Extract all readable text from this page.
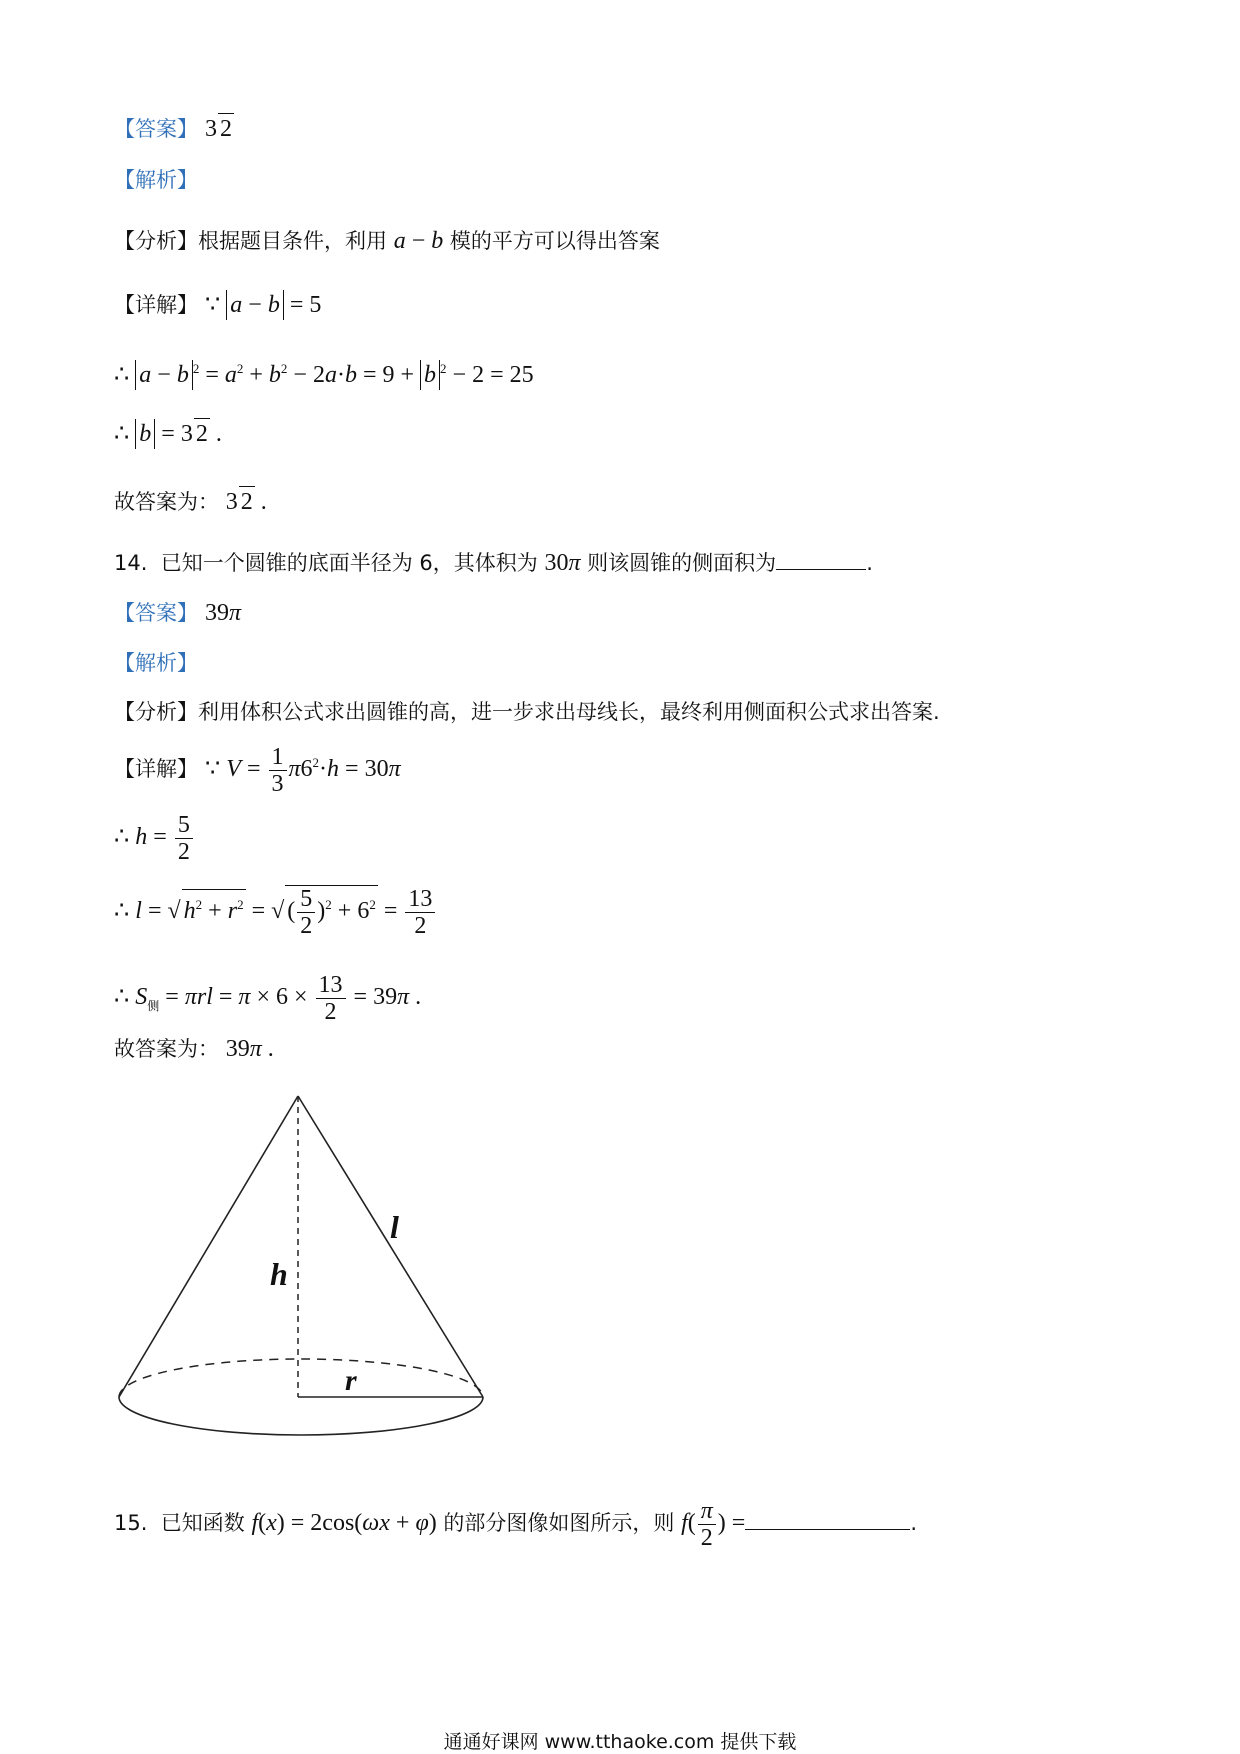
【答案】 3 2
【解析】
【分析】根据题目条件，利用 a − b 模的平方可以得出答案
【详解】 ∵ a − b = 5
∴ a − b $^2 = a^2 + b^2 - 2a\cdot b = 9 + b$ $^2$ − 2 = 25
∴ b = 3 2 .
故答案为： 3 2 .
14.  已知一个圆锥的底面半径为 6，其体积为 30π 则该圆锥的侧面积为	.
【答案】 39π
【解析】
【分析】利用体积公式求出圆锥的高，进一步求出母线长，最终利用侧面积公式求出答案.
【详解】 ∵ $V = \frac{1}{3} \pi 6^2\cdot h = 30\pi$
∴ $h = \frac{5}{2}$
∴ l = √ $h^2 + r^2$ = √ ( $\frac{5}{2} )^2 + 6^2 = \frac{13}{2}$
∴ $S_侧 = \pi rl = \pi \times 6 \times \frac{13}{2} = 39\pi$ .
故答案为： 39π .
h
l
r
15.  已知函数 f(x) = 2cos(ωx + φ) 的部分图像如图所示，则 $f( \frac{\pi}{2}$ ) =	.
通通好课网 www.tthaoke.com 提供下载
